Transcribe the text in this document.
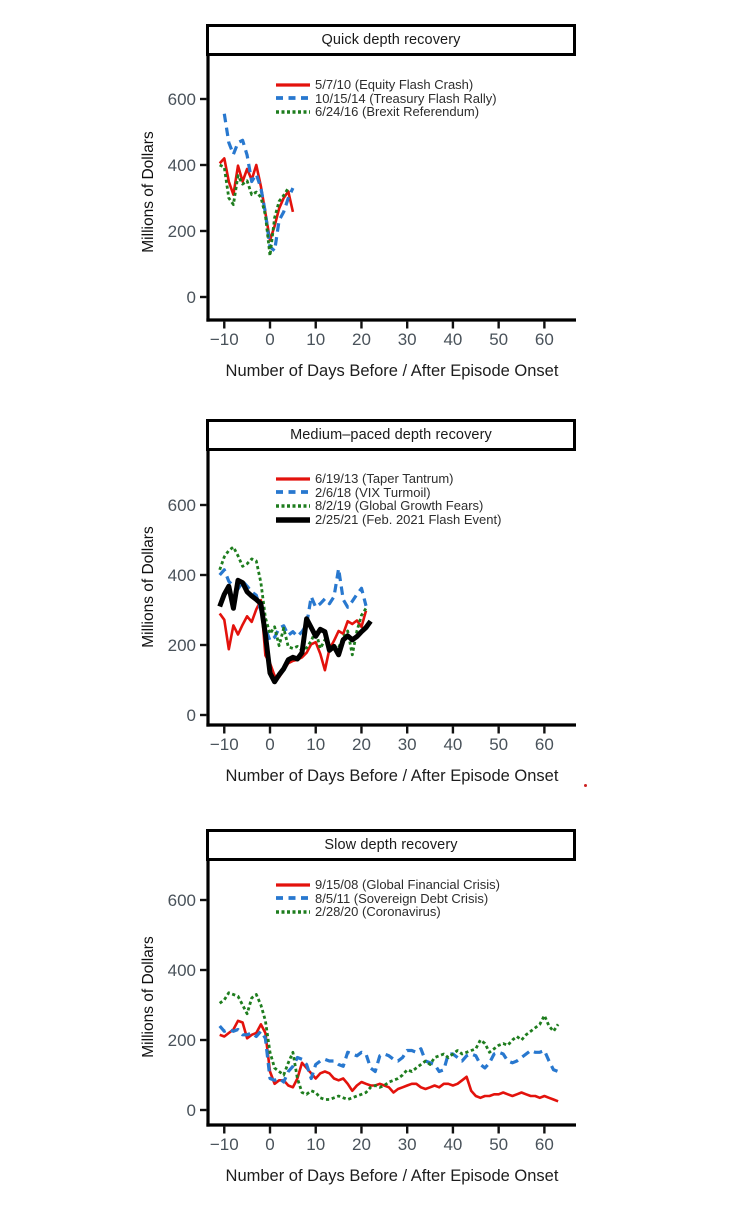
0
200
400
600
−10 0 10 20 30 40 50 60
Quick depth recovery
Millions of Dollars
5/7/10 (Equity Flash Crash)
10/15/14 (Treasury Flash Rally)
6/24/16 (Brexit Referendum)
Number of Days Before / After Episode Onset
0
200
400
600
−10 0 10 20 30 40 50 60
Medium–paced depth recovery
Millions of Dollars
6/19/13 (Taper Tantrum)
2/6/18 (VIX Turmoil)
8/2/19 (Global Growth Fears)
2/25/21 (Feb. 2021 Flash Event)
Number of Days Before / After Episode Onset
0
200
400
600
−10 0 10 20 30 40 50 60
Slow depth recovery
Millions of Dollars
9/15/08 (Global Financial Crisis)
8/5/11 (Sovereign Debt Crisis)
2/28/20 (Coronavirus)
Number of Days Before / After Episode Onset
